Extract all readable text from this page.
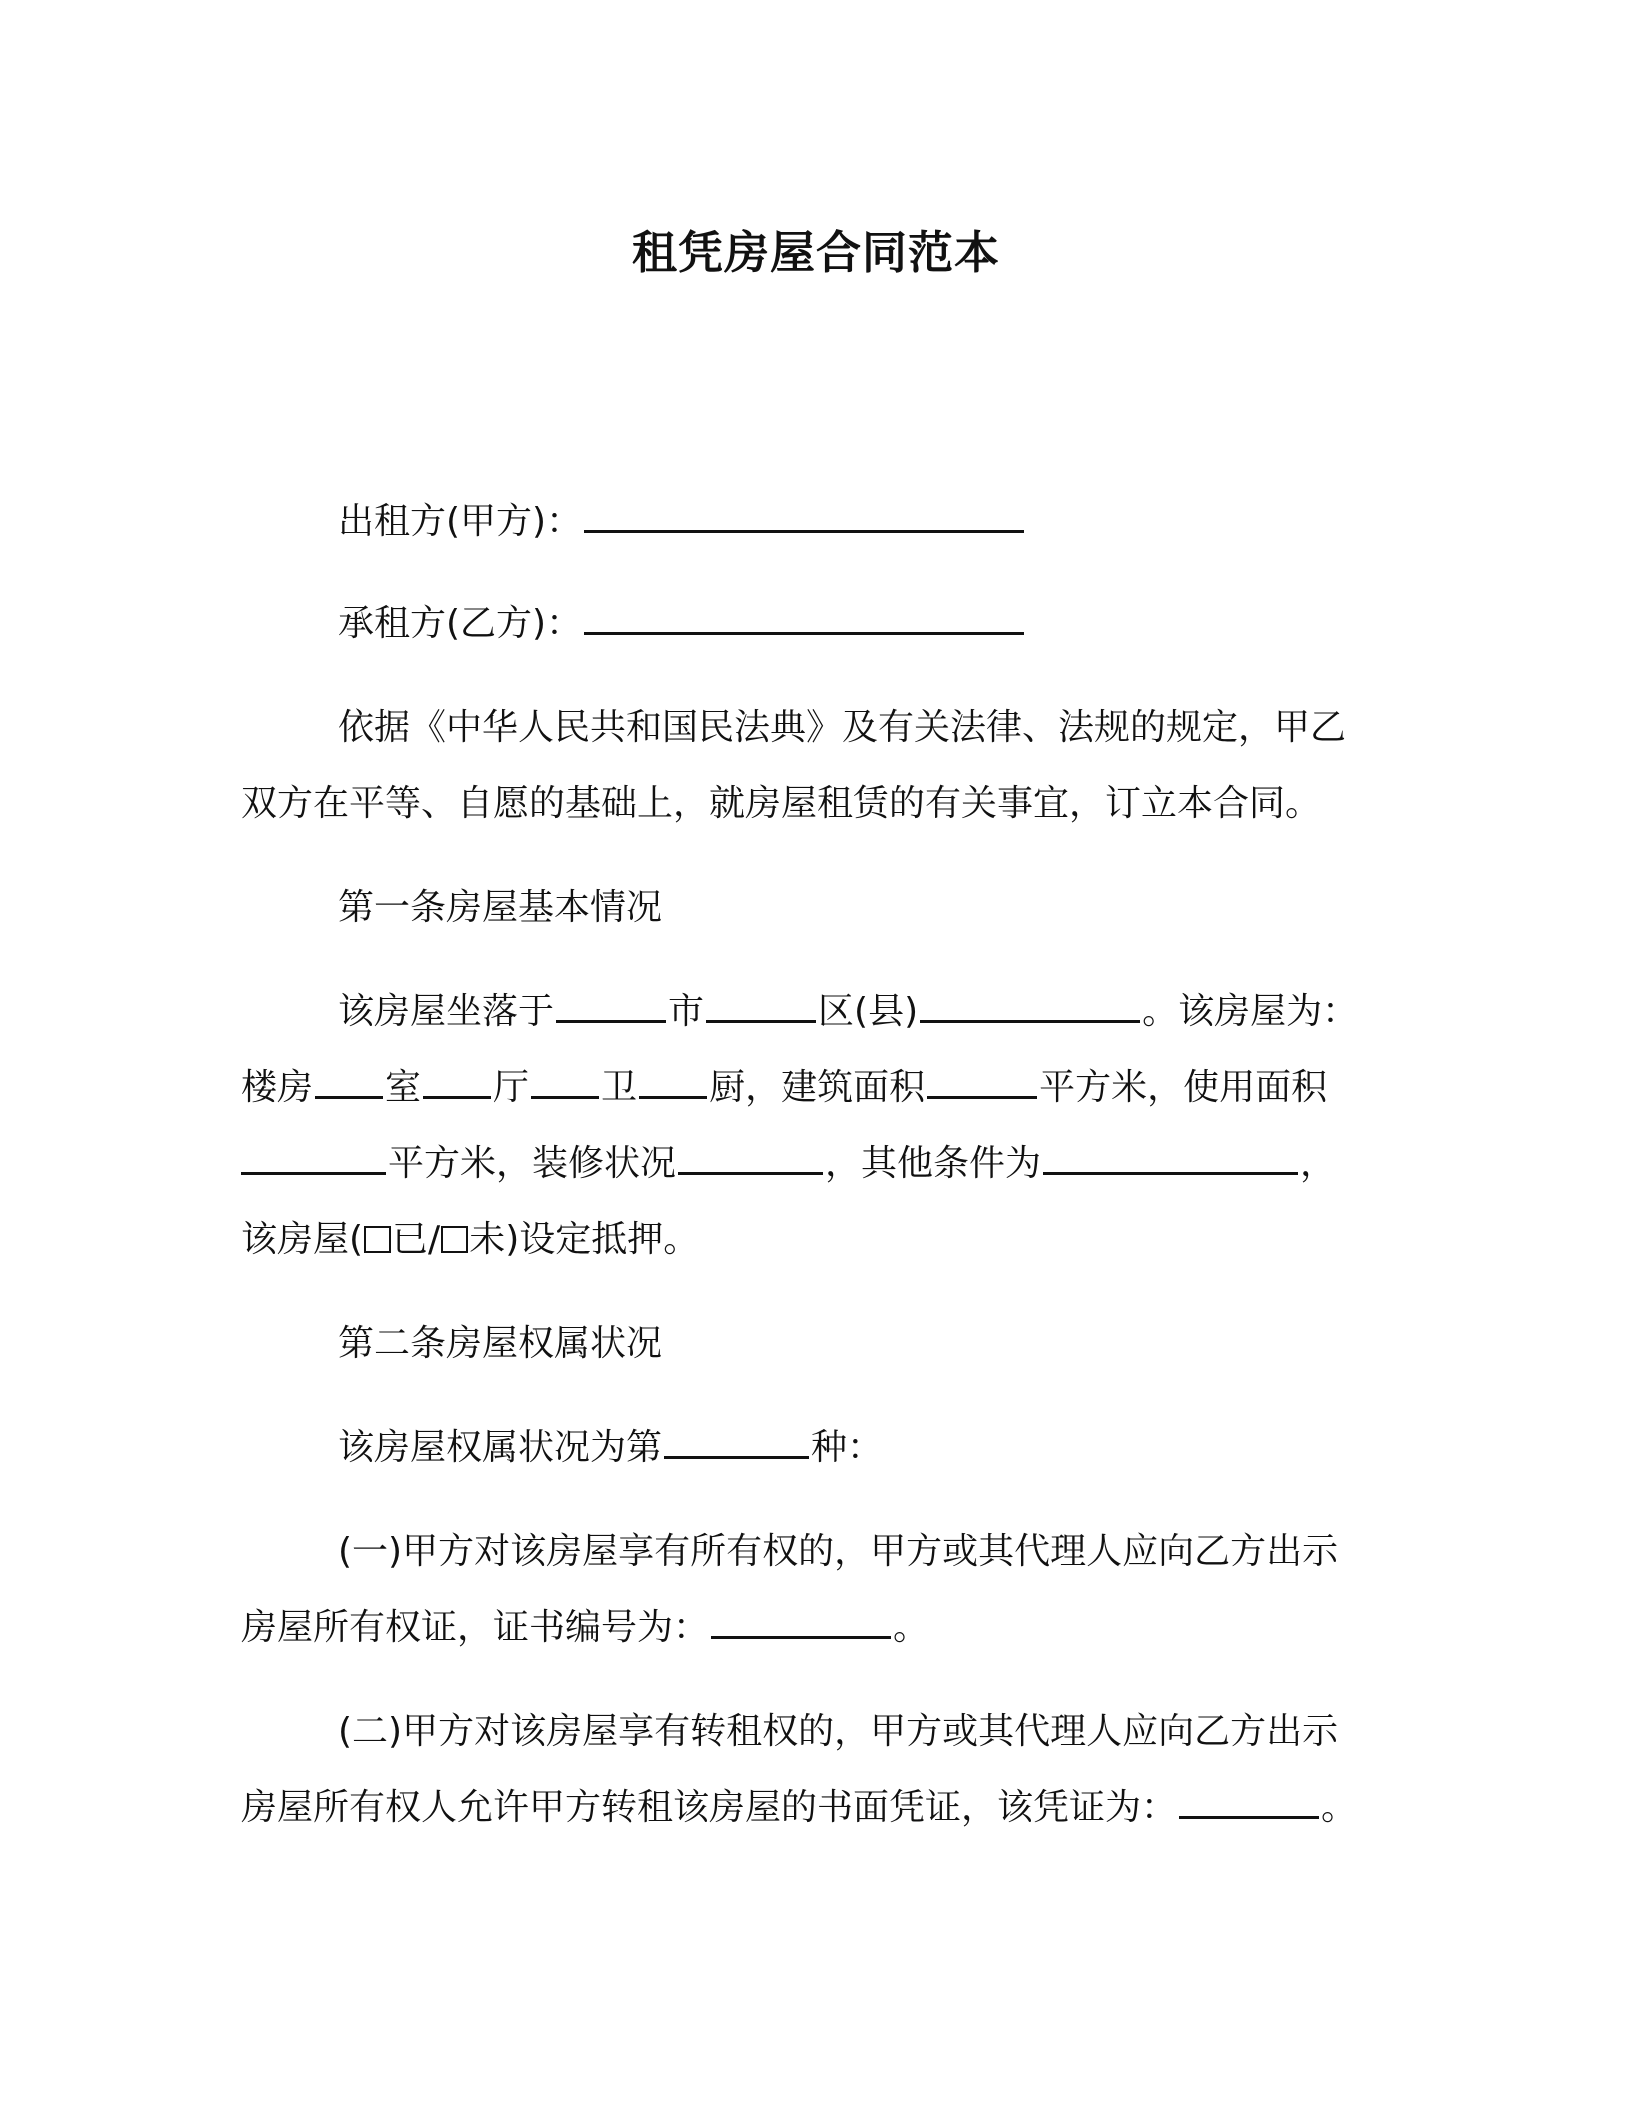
租凭房屋合同范本
出租方(甲方)：
承租方(乙方)：
依据《中华人民共和国民法典》及有关法律、法规的规定，甲乙
双方在平等、自愿的基础上，就房屋租赁的有关事宜，订立本合同。
第一条房屋基本情况
该房屋坐落于	市	区(县)	。该房屋为：
楼房 室 厅 卫 厨，建筑面积	平方米，使用面积
平方米，装修状况	，其他条件为	，
该房屋( 已/ 未)设定抵押。
第二条房屋权属状况
该房屋权属状况为第	种：
(一)甲方对该房屋享有所有权的，甲方或其代理人应向乙方出示
房屋所有权证，证书编号为：	。
(二)甲方对该房屋享有转租权的，甲方或其代理人应向乙方出示
房屋所有权人允许甲方转租该房屋的书面凭证，该凭证为：	。
